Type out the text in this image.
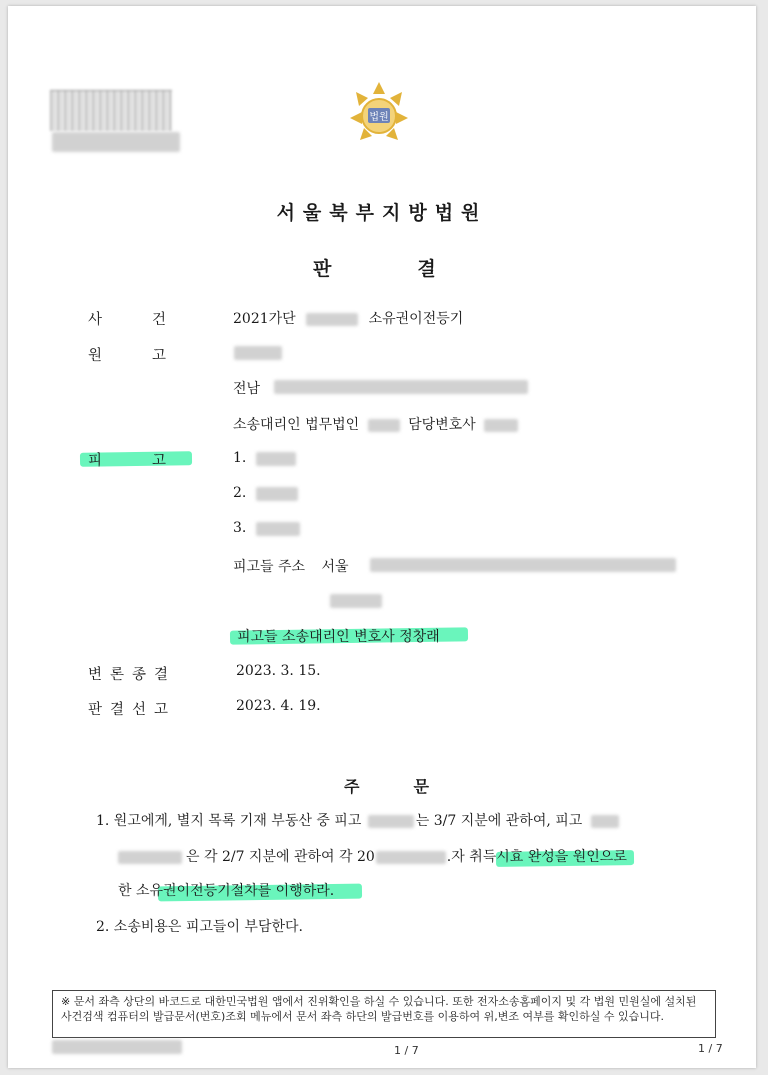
법원
서울북부지방법원
판	결
사	건	2021가단	소유권이전등기
원	고
전남
소송대리인 법무법인	담당변호사
피	고	1.
2.
3.
피고들 주소 서울
피고들 소송대리인 변호사 정창래
변 론 종 결	2023. 3. 15.
판 결 선 고	2023. 4. 19.
주	문
1. 원고에게, 별지 목록 기재 부동산 중 피고	는 3/7 지분에 관하여, 피고
은 각 2/7 지분에 관하여 각 20	.자 취득시효 완성을 원인으로
한 소유권이전등기절차를 이행하라.
2. 소송비용은 피고들이 부담한다.
※ 문서 좌측 상단의 바코드로 대한민국법원 앱에서 진위확인을 하실 수 있습니다. 또한 전자소송홈페이지 및 각 법원 민원실에 설치된 사건검색 컴퓨터의 발급문서(번호)조회 메뉴에서 문서 좌측 하단의 발급번호를 이용하여 위,변조 여부를 확인하실 수 있습니다.
1 / 7	1 / 7
